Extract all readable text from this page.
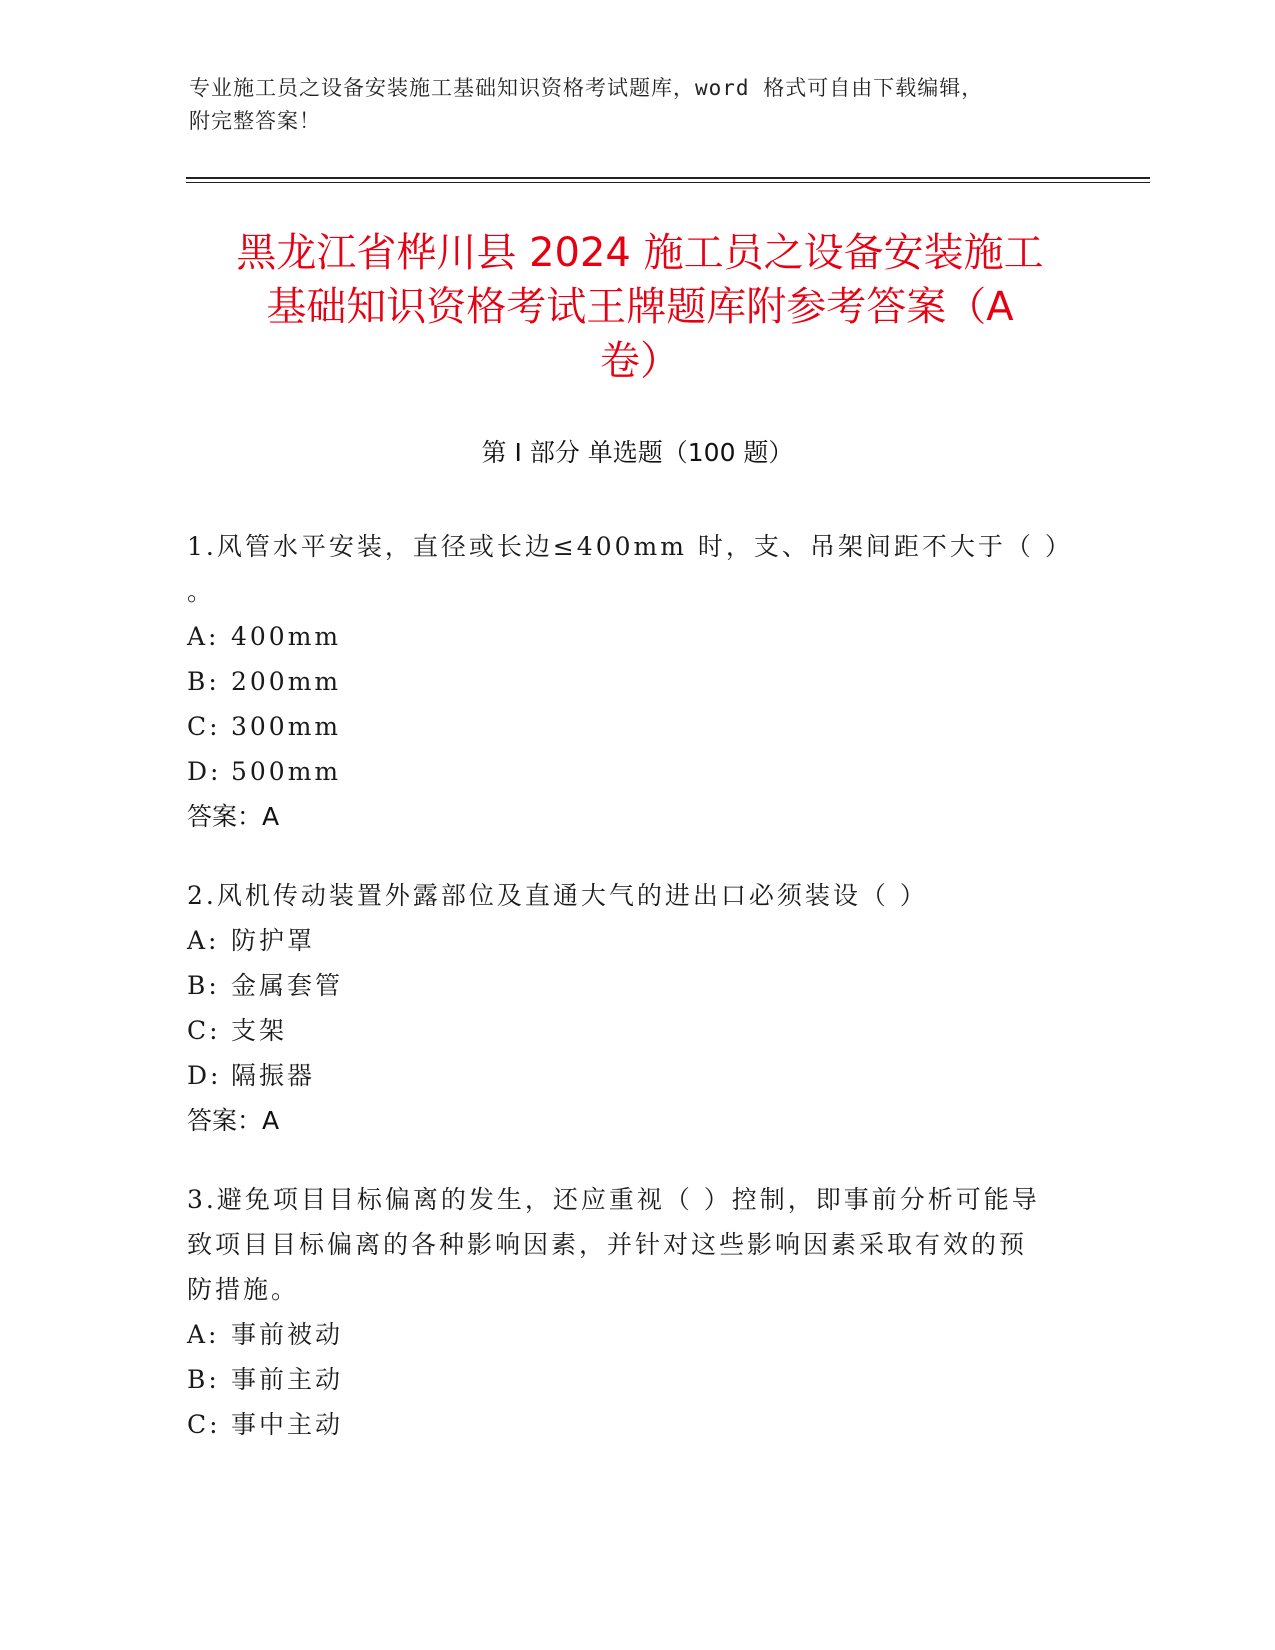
专业施工员之设备安装施工基础知识资格考试题库，word 格式可自由下载编辑，
附完整答案！
黑龙江省桦川县 2024 施工员之设备安装施工
基础知识资格考试王牌题库附参考答案（A
卷）
第 I 部分 单选题（100 题）

1.风管水平安装，直径或长边≤400mm 时，支、吊架间距不大于（ ）

。

A: 400mm
B: 200mm
C: 300mm
D: 500mm
答案：A

2.风机传动装置外露部位及直通大气的进出口必须装设（ ）

A: 防护罩
B: 金属套管
C: 支架
D: 隔振器
答案：A

3.避免项目目标偏离的发生，还应重视（ ）控制，即事前分析可能导

致项目目标偏离的各种影响因素，并针对这些影响因素采取有效的预

防措施。

A: 事前被动
B: 事前主动
C: 事中主动
